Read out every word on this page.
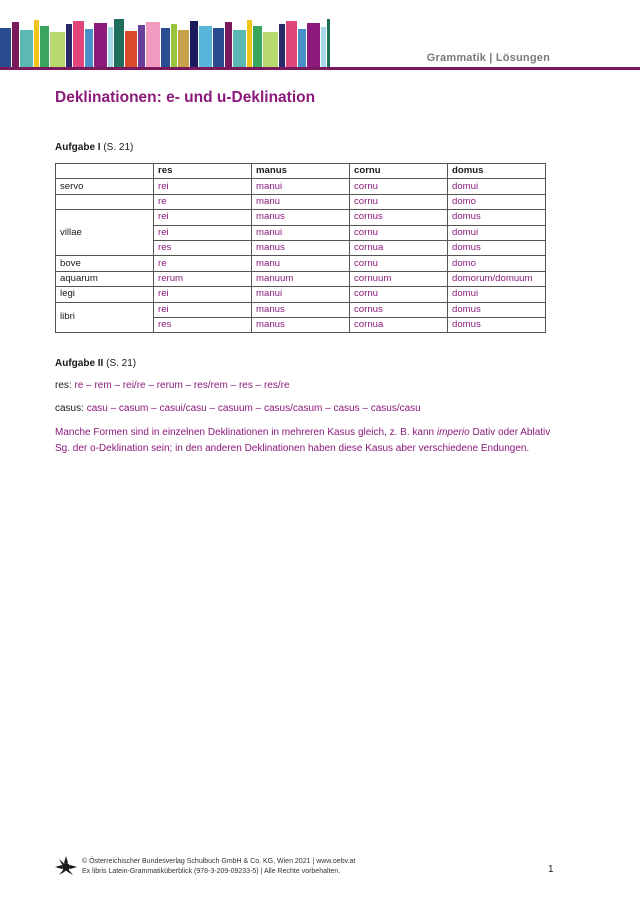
Grammatik | Lösungen
Deklinationen: e- und u-Deklination
Aufgabe I (S. 21)
	res	manus	cornu	domus
servo	rei	manui	cornu	domui
	re	manu	cornu	domo
villae	rei	manus	cornus	domus
	rei	manui	cornu	domui
	res	manus	cornua	domus
bove	re	manu	cornu	domo
aquarum	rerum	manuum	cornuum	domorum/domuum
legi	rei	manui	cornu	domui
libri	rei	manus	cornus	domus
	res	manus	cornua	domus
Aufgabe II (S. 21)
res: re – rem – rei/re – rerum – res/rem – res – res/re
casus: casu – casum – casui/casu – casuum – casus/casum – casus – casus/casu
Manche Formen sind in einzelnen Deklinationen in mehreren Kasus gleich, z. B. kann imperio Dativ oder Ablativ Sg. der o-Deklination sein; in den anderen Deklinationen haben diese Kasus aber verschiedene Endungen.
© Österreichischer Bundesverlag Schulbuch GmbH & Co. KG, Wien 2021 | www.oebv.at
Ex libris Latein-Grammatiküberblick (978-3-209-09233-5) | Alle Rechte vorbehalten.	1
